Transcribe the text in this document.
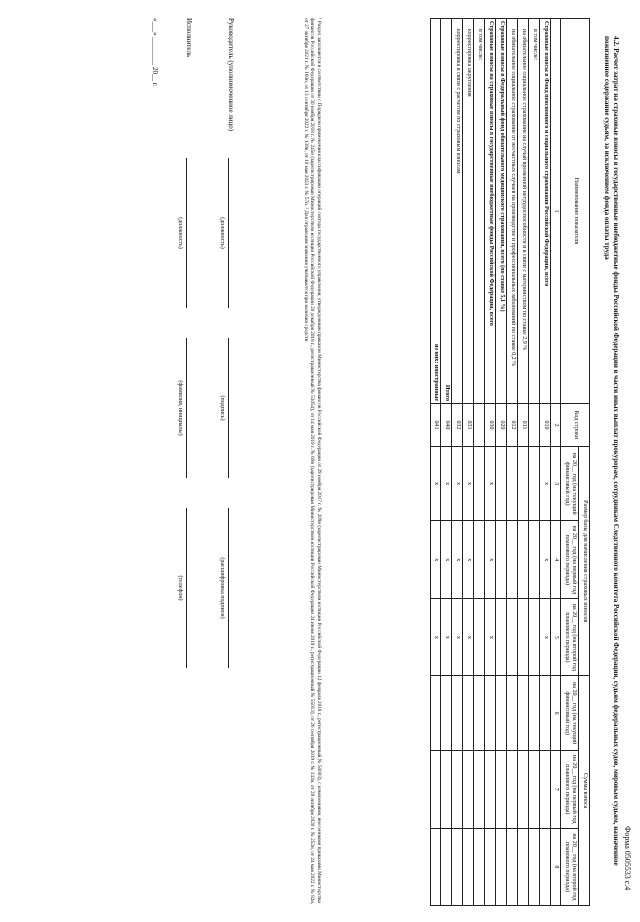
Форма 0505533 с.4
4.2. Расчет затрат на страховые взносы в государственные внебюджетные фонды Российской Федерации в части иных выплат прокурорам, сотрудникам Следственного комитета Российской Федерации, судьям федеральных судов, мировым судьям, назначенное пожизненное содержание судьям, за исключением фонда оплаты труда
Наименование показателя	Код строки	Размер базы для начисления страховых взносов			Сумма взноса		
		на 20__ год (на текущий финансовый год)	на 20__ год (на первый год планового периода)	на 20__ год (на второй год планового периода)	на 20__ год (на текущий финансовый год)	на 20__ год (на первый год планового периода)	на 20__ год (на второй год планового периода)
1	2	3	4	5	6	7	8
Страховые взносы в Фонд пенсионного и социального страхования Российской Федерации, всего	010	x	x	x			
в том числе:							
на обязательное социальное страхование на случай временной нетрудоспособности и в связи с материнством по ставке 2,9 %	011						
на обязательное социальное страхование от несчастных случаев на производстве и профессиональных заболеваний по ставке 0,2 %	012						
Страховые взносы в Федеральный фонд обязательного медицинского страхования, всего (по ставке 5,1 %)	020						
Страховые взносы на страховые взносы в государственные внебюджетные фонды Российской Федерации, всего	030	x	x	x			
в том числе:							
корректировка округления	031	x	x	x			
корректировка в связи с расчетом по страховым взносам	032	x	x	x			
Итого	040	x	x	x			
из них: иностранные	041	x	x	x			
¹ Раздел заполняется в соответствии с Порядком применения классификации операций сектора государственного управления, утвержденным приказом Министерства финансов Российской Федерации от 29 ноября 2017 г. № 209н (зарегистрирован Министерством юстиции Российской Федерации 12 февраля 2018 г., регистрационный № 50003), с изменениями, внесенными приказами Министерства финансов Российской Федерации от 30 ноября 2018 г. № 245н (зарегистрирован Министерством юстиции Российской Федерации 20 декабря 2018 г., регистрационный № 53054), от 14 мая 2019 г. № 69н (зарегистрирован Министерством юстиции Российской Федерации 24 июня 2019 г., регистрационный № 55013), от 26 сентября 2019 г. № 143н, от 29 октября 2020 г. № 252н, от 24 мая 2022 г. № 82н, от 27 октября 2021 г. № 160н, от 13 сентября 2022 г. № 139н, от 10 мая 2023 г. № 57н. ² Для отражения значения учитывается при наличии средств.
Руководитель (уполномоченное лицо)
(должность)
(подпись)
(расшифровка подписи)
Исполнитель
(должность)
(фамилия, инициалы)
(телефон)
«___» ________ 20__ г.
